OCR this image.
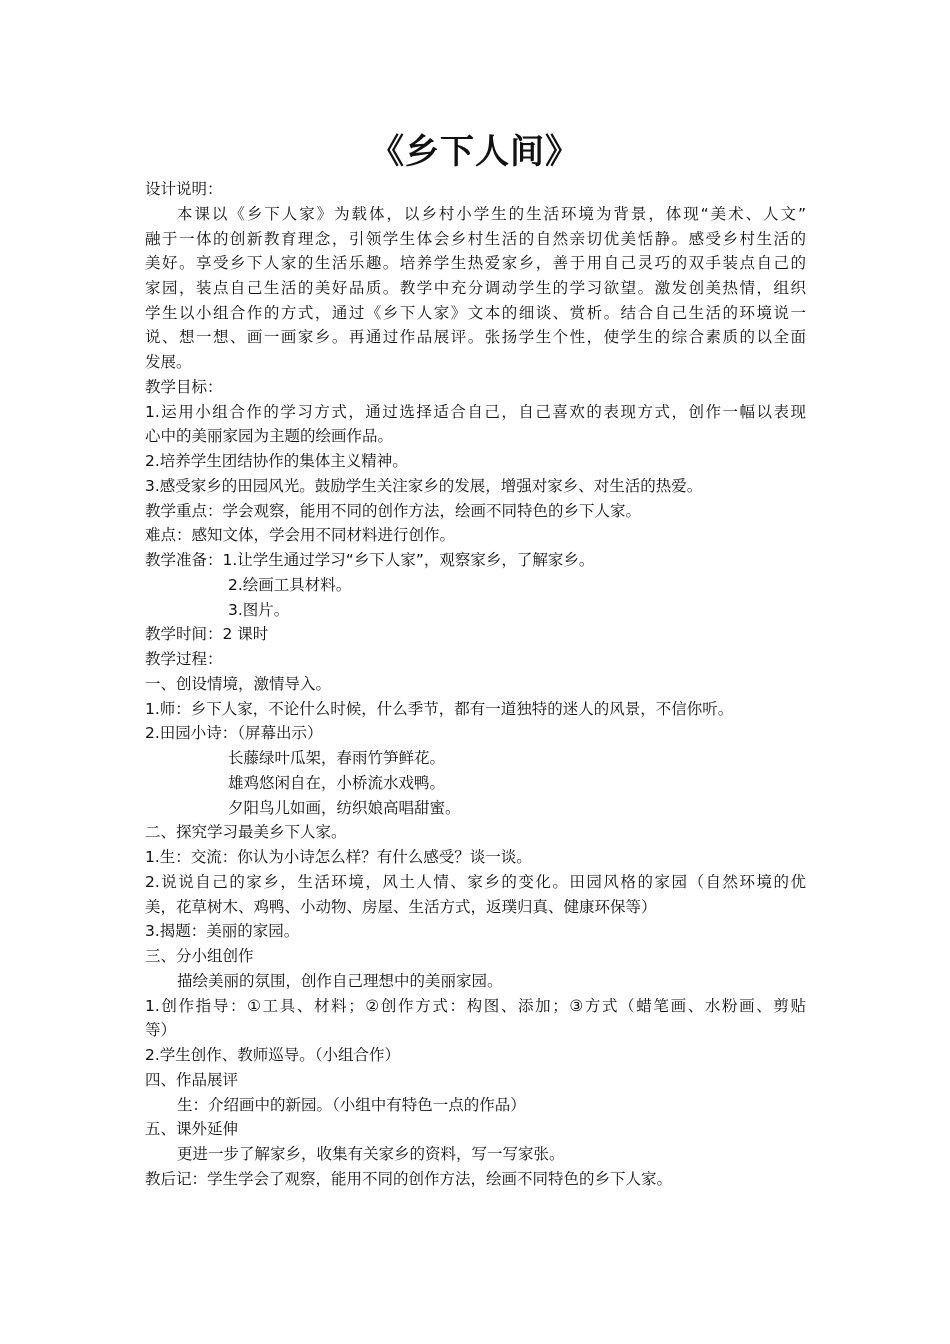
《乡下人间》
设计说明：
本课以《乡下人家》为载体，以乡村小学生的生活环境为背景，体现“美术、人文”
融于一体的创新教育理念，引领学生体会乡村生活的自然亲切优美恬静。感受乡村生活的
美好。享受乡下人家的生活乐趣。培养学生热爱家乡，善于用自己灵巧的双手装点自己的
家园，装点自己生活的美好品质。教学中充分调动学生的学习欲望。激发创美热情，组织
学生以小组合作的方式，通过《乡下人家》文本的细谈、赏析。结合自己生活的环境说一
说、想一想、画一画家乡。再通过作品展评。张扬学生个性，使学生的综合素质的以全面
发展。
教学目标：
1.运用小组合作的学习方式，通过选择适合自己，自己喜欢的表现方式，创作一幅以表现
心中的美丽家园为主题的绘画作品。
2.培养学生团结协作的集体主义精神。
3.感受家乡的田园风光。鼓励学生关注家乡的发展，增强对家乡、对生活的热爱。
教学重点：学会观察，能用不同的创作方法，绘画不同特色的乡下人家。
难点：感知文体，学会用不同材料进行创作。
教学准备：1.让学生通过学习“乡下人家”，观察家乡，了解家乡。
2.绘画工具材料。
3.图片。
教学时间：2 课时
教学过程：
一、创设情境，激情导入。
1.师：乡下人家，不论什么时候，什么季节，都有一道独特的迷人的风景，不信你听。
2.田园小诗：（屏幕出示）
长藤绿叶瓜架，春雨竹笋鲜花。
雄鸡悠闲自在，小桥流水戏鸭。
夕阳鸟儿如画，纺织娘高唱甜蜜。
二、探究学习最美乡下人家。
1.生：交流：你认为小诗怎么样？有什么感受？谈一谈。
2.说说自己的家乡，生活环境，风土人情、家乡的变化。田园风格的家园（自然环境的优
美，花草树木、鸡鸭、小动物、房屋、生活方式，返璞归真、健康环保等）
3.揭题：美丽的家园。
三、分小组创作
描绘美丽的氛围，创作自己理想中的美丽家园。
1.创作指导：①工具、材料；②创作方式：构图、添加；③方式（蜡笔画、水粉画、剪贴
等）
2.学生创作、教师巡导。（小组合作）
四、作品展评
生：介绍画中的新园。（小组中有特色一点的作品）
五、课外延伸
更进一步了解家乡，收集有关家乡的资料，写一写家张。
教后记：学生学会了观察，能用不同的创作方法，绘画不同特色的乡下人家。
